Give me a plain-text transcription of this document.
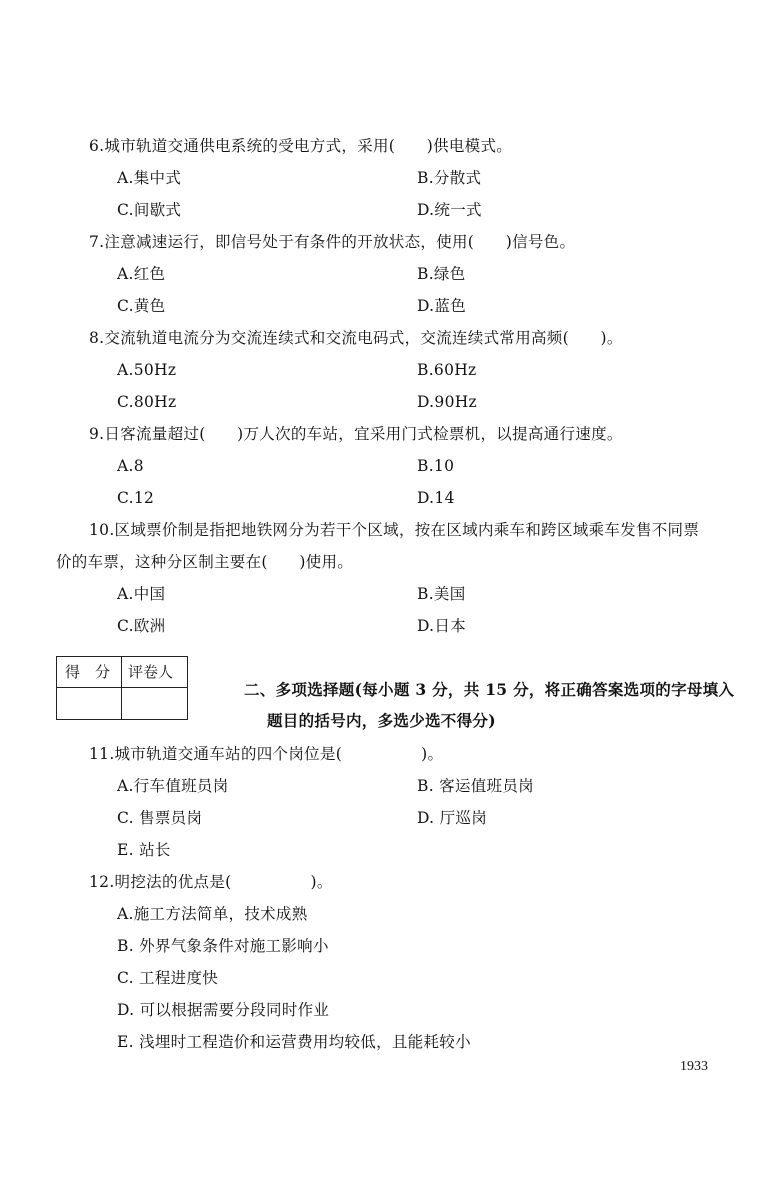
6.城市轨道交通供电系统的受电方式，采用(　　)供电模式。
A.集中式	B.分散式
C.间歇式	D.统一式
7.注意减速运行，即信号处于有条件的开放状态，使用(　　)信号色。
A.红色	B.绿色
C.黄色	D.蓝色
8.交流轨道电流分为交流连续式和交流电码式，交流连续式常用高频(　　)。
A.50Hz	B.60Hz
C.80Hz	D.90Hz
9.日客流量超过(　　)万人次的车站，宜采用门式检票机，以提高通行速度。
A.8	B.10
C.12	D.14
10.区域票价制是指把地铁网分为若干个区域，按在区域内乘车和跨区域乘车发售不同票
价的车票，这种分区制主要在(　　)使用。
A.中国	B.美国
C.欧洲	D.日本
得　分 评卷人
二、多项选择题(每小题 3 分，共 15 分，将正确答案选项的字母填入
题目的括号内，多选少选不得分)
11.城市轨道交通车站的四个岗位是(　　　　　)。
A.行车值班员岗	B. 客运值班员岗
C. 售票员岗	D. 厅巡岗
E. 站长
12.明挖法的优点是(　　　　　)。
A.施工方法简单，技术成熟
B. 外界气象条件对施工影响小
C. 工程进度快
D. 可以根据需要分段同时作业
E. 浅埋时工程造价和运营费用均较低，且能耗较小
1933
